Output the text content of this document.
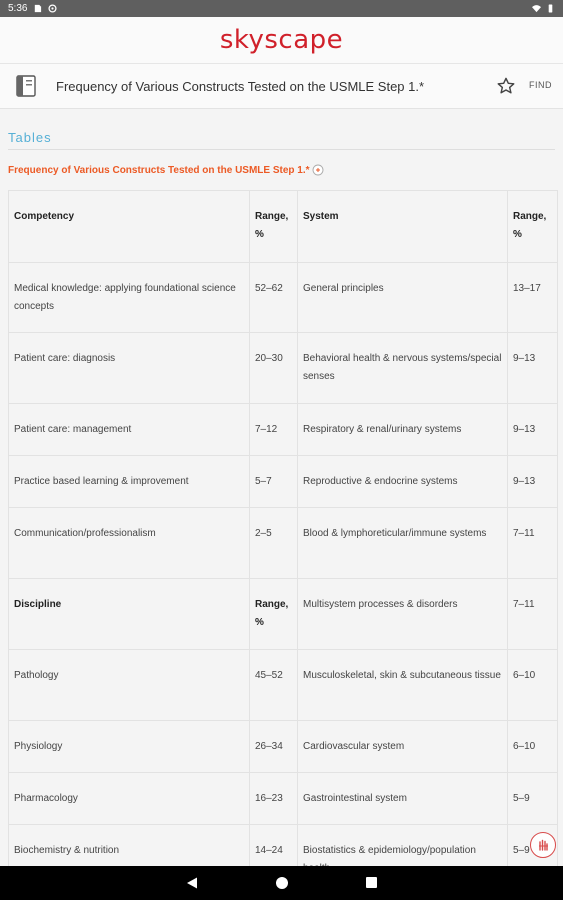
5:36
skyscape
Frequency of Various Constructs Tested on the USMLE Step 1.*	FIND
Tables
Frequency of Various Constructs Tested on the USMLE Step 1.*
Competency	Range, %	System	Range, %
Medical knowledge: applying foundational science concepts	52–62	General principles	13–17
Patient care: diagnosis	20–30	Behavioral health & nervous systems/special senses	9–13
Patient care: management	7–12	Respiratory & renal/urinary systems	9–13
Practice based learning & improvement	5–7	Reproductive & endocrine systems	9–13
Communication/professionalism	2–5	Blood & lymphoreticular/immune systems	7–11
Discipline	Range, %	Multisystem processes & disorders	7–11
Pathology	45–52	Musculoskeletal, skin & subcutaneous tissue	6–10
Physiology	26–34	Cardiovascular system	6–10
Pharmacology	16–23	Gastrointestinal system	5–9
Biochemistry & nutrition	14–24	Biostatistics & epidemiology/population	5–9
